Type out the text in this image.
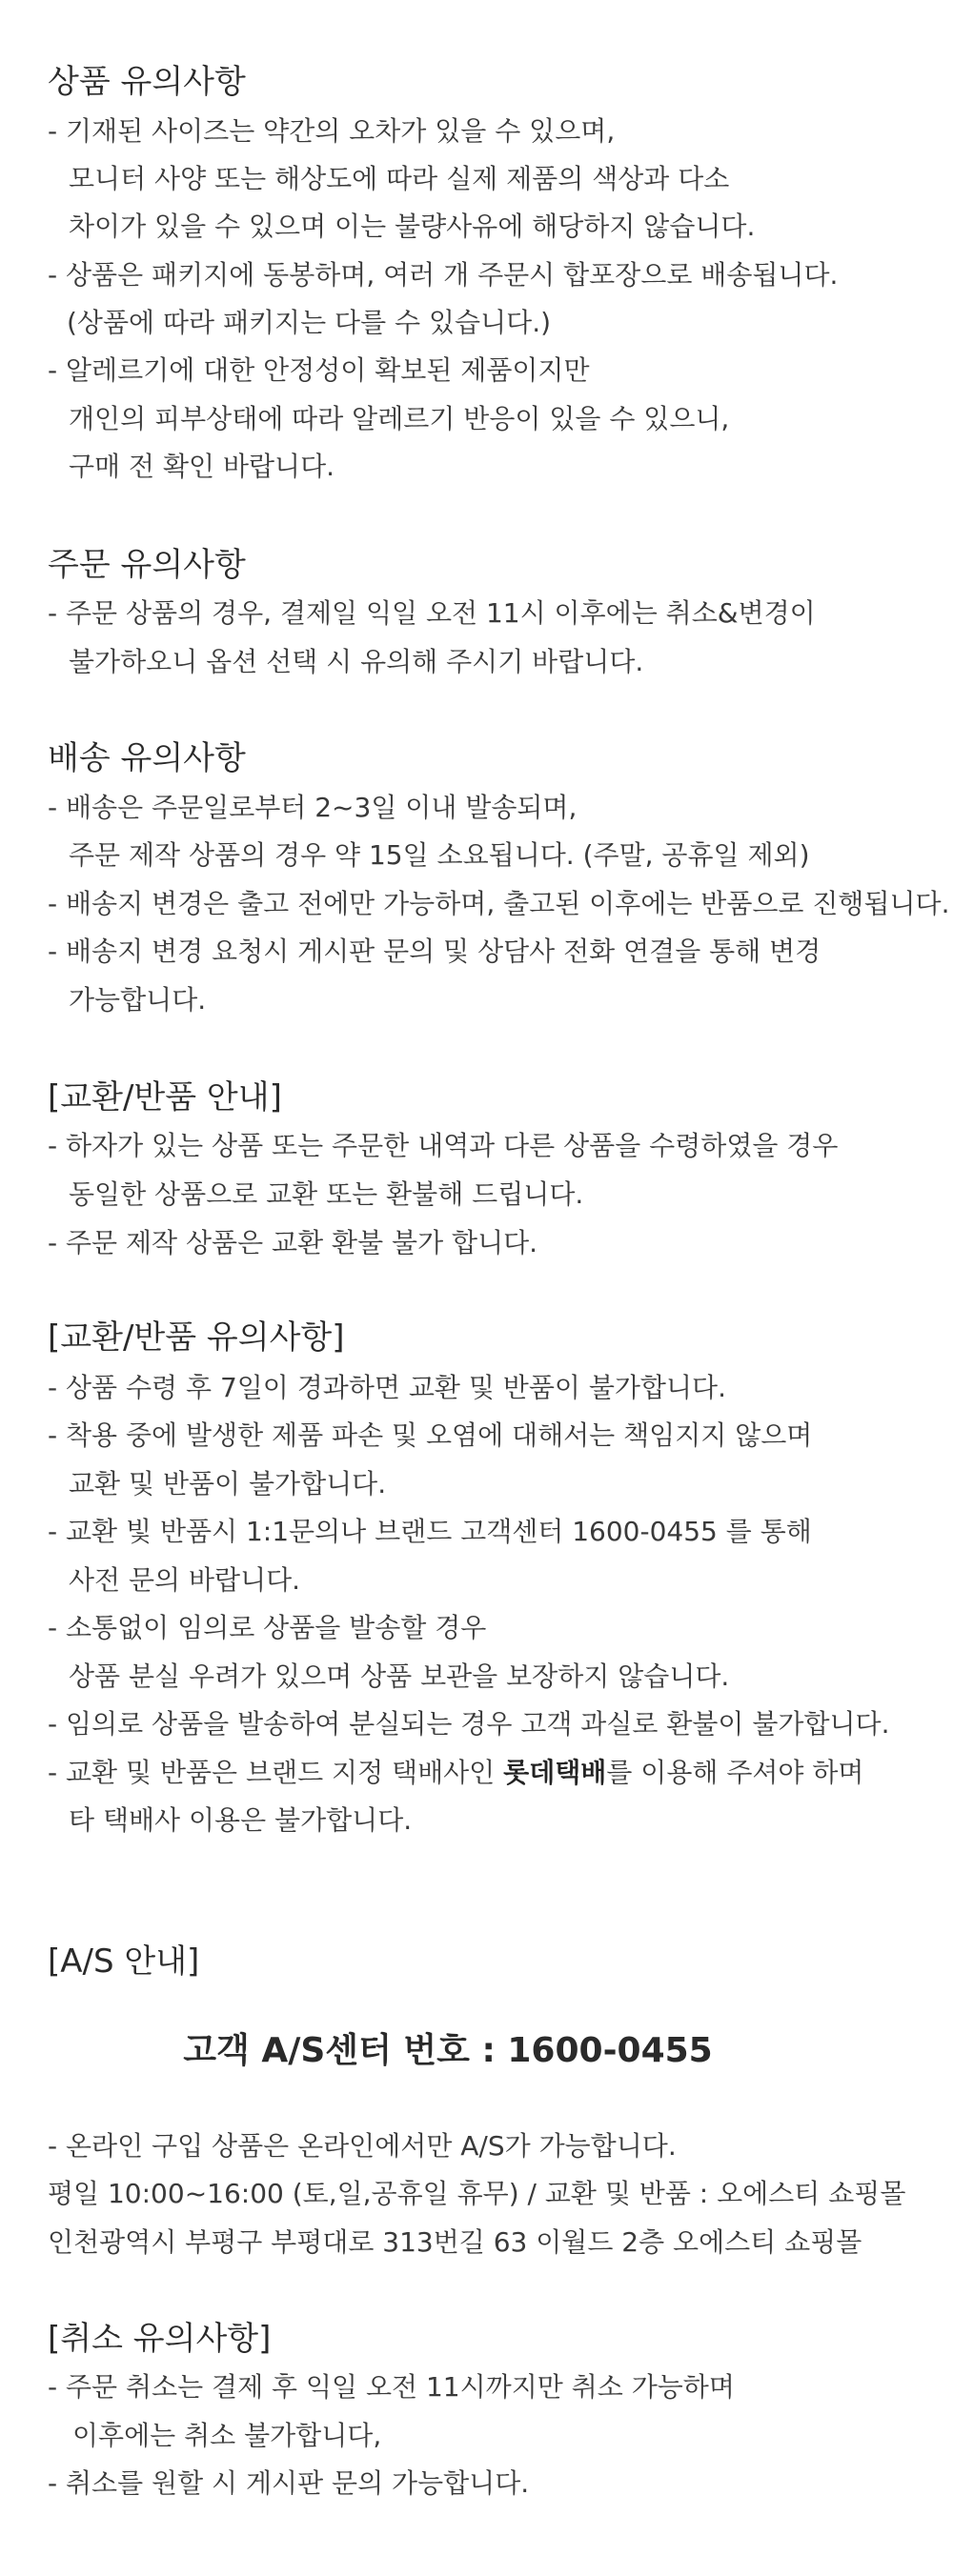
상품 유의사항
- 기재된 사이즈는 약간의 오차가 있을 수 있으며,
모니터 사양 또는 해상도에 따라 실제 제품의 색상과 다소
차이가 있을 수 있으며 이는 불량사유에 해당하지 않습니다.
- 상품은 패키지에 동봉하며, 여러 개 주문시 합포장으로 배송됩니다.
(상품에 따라 패키지는 다를 수 있습니다.)
- 알레르기에 대한 안정성이 확보된 제품이지만
개인의 피부상태에 따라 알레르기 반응이 있을 수 있으니,
구매 전 확인 바랍니다.
주문 유의사항
- 주문 상품의 경우, 결제일 익일 오전 11시 이후에는 취소&변경이
불가하오니 옵션 선택 시 유의해 주시기 바랍니다.
배송 유의사항
- 배송은 주문일로부터 2~3일 이내 발송되며,
주문 제작 상품의 경우 약 15일 소요됩니다. (주말, 공휴일 제외)
- 배송지 변경은 출고 전에만 가능하며, 출고된 이후에는 반품으로 진행됩니다.
- 배송지 변경 요청시 게시판 문의 및 상담사 전화 연결을 통해 변경
가능합니다.
[교환/반품 안내]
- 하자가 있는 상품 또는 주문한 내역과 다른 상품을 수령하였을 경우
동일한 상품으로 교환 또는 환불해 드립니다.
- 주문 제작 상품은 교환 환불 불가 합니다.
[교환/반품 유의사항]
- 상품 수령 후 7일이 경과하면 교환 및 반품이 불가합니다.
- 착용 중에 발생한 제품 파손 및 오염에 대해서는 책임지지 않으며
교환 및 반품이 불가합니다.
- 교환 빛 반품시 1:1문의나 브랜드 고객센터 1600-0455 를 통해
사전 문의 바랍니다.
- 소통없이 임의로 상품을 발송할 경우
상품 분실 우려가 있으며 상품 보관을 보장하지 않습니다.
- 임의로 상품을 발송하여 분실되는 경우 고객 과실로 환불이 불가합니다.
- 교환 및 반품은 브랜드 지정 택배사인 롯데택배를 이용해 주셔야 하며
타 택배사 이용은 불가합니다.
[A/S 안내]
고객 A/S센터 번호 : 1600-0455
- 온라인 구입 상품은 온라인에서만 A/S가 가능합니다.
평일 10:00~16:00 (토,일,공휴일 휴무) / 교환 및 반품 : 오에스티 쇼핑몰
인천광역시 부평구 부평대로 313번길 63 이월드 2층 오에스티 쇼핑몰
[취소 유의사항]
- 주문 취소는 결제 후 익일 오전 11시까지만 취소 가능하며
이후에는 취소 불가합니다,
- 취소를 원할 시 게시판 문의 가능합니다.
